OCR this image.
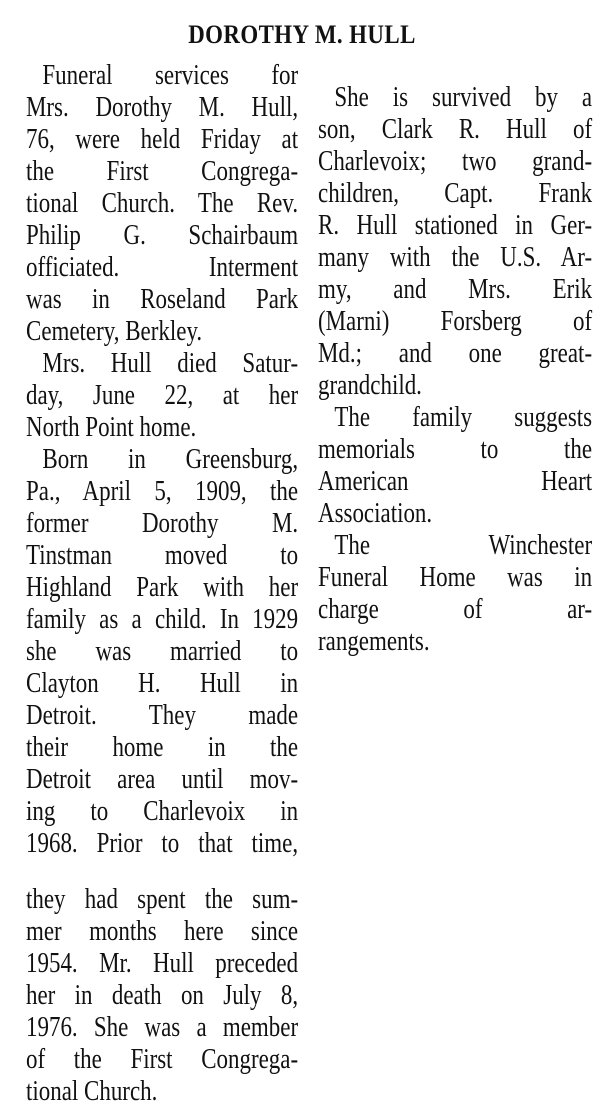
DOROTHY M. HULL
Funeral services for
Mrs. Dorothy M. Hull,
76, were held Friday at
the First Congrega-
tional Church. The Rev.
Philip G. Schairbaum
officiated. Interment
was in Roseland Park
Cemetery, Berkley.
Mrs. Hull died Satur-
day, June 22, at her
North Point home.
Born in Greensburg,
Pa., April 5, 1909, the
former Dorothy M.
Tinstman moved to
Highland Park with her
family as a child. In 1929
she was married to
Clayton H. Hull in
Detroit. They made
their home in the
Detroit area until mov-
ing to Charlevoix in
1968. Prior to that time,
they had spent the sum-
mer months here since
1954. Mr. Hull preceded
her in death on July 8,
1976. She was a member
of the First Congrega-
tional Church.
She is survived by a
son, Clark R. Hull of
Charlevoix; two grand-
children, Capt. Frank
R. Hull stationed in Ger-
many with the U.S. Ar-
my, and Mrs. Erik
(Marni) Forsberg of
Md.; and one great-
grandchild.
The family suggests
memorials to the
American Heart
Association.
The Winchester
Funeral Home was in
charge of ar-
rangements.
